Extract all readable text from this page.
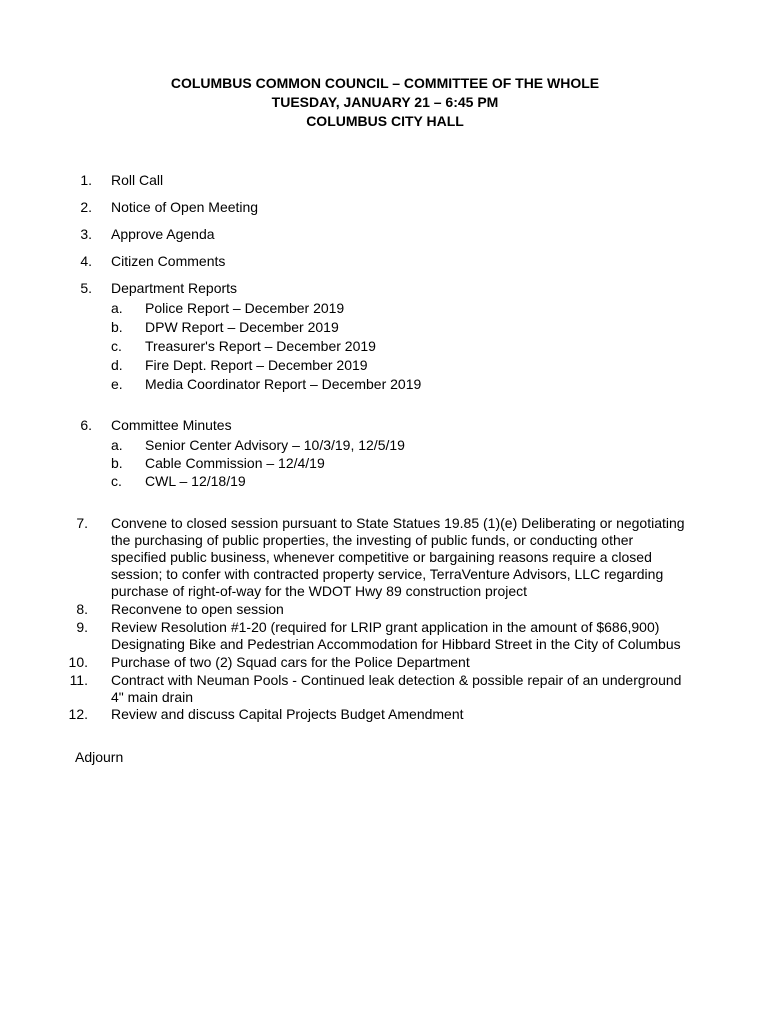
COLUMBUS COMMON COUNCIL – COMMITTEE OF THE WHOLE
TUESDAY, JANUARY 21 – 6:45 PM
COLUMBUS CITY HALL
1. Roll Call
2. Notice of Open Meeting
3. Approve Agenda
4. Citizen Comments
5. Department Reports
a.	Police Report – December 2019
b.	DPW Report – December 2019
c.	Treasurer's Report – December 2019
d.	Fire Dept. Report – December 2019
e.	Media Coordinator Report – December 2019
6. Committee Minutes
a.	Senior Center Advisory – 10/3/19, 12/5/19
b.	Cable Commission – 12/4/19
c.	CWL – 12/18/19
7. Convene to closed session pursuant to State Statues 19.85 (1)(e) Deliberating or negotiating
the purchasing of public properties, the investing of public funds, or conducting other
specified public business, whenever competitive or bargaining reasons require a closed
session; to confer with contracted property service, TerraVenture Advisors, LLC regarding
purchase of right-of-way for the WDOT Hwy 89 construction project
8. Reconvene to open session
9. Review Resolution #1-20 (required for LRIP grant application in the amount of $686,900)
Designating Bike and Pedestrian Accommodation for Hibbard Street in the City of Columbus
10. Purchase of two (2) Squad cars for the Police Department
11. Contract with Neuman Pools - Continued leak detection & possible repair of an underground
4" main drain
12. Review and discuss Capital Projects Budget Amendment
Adjourn
